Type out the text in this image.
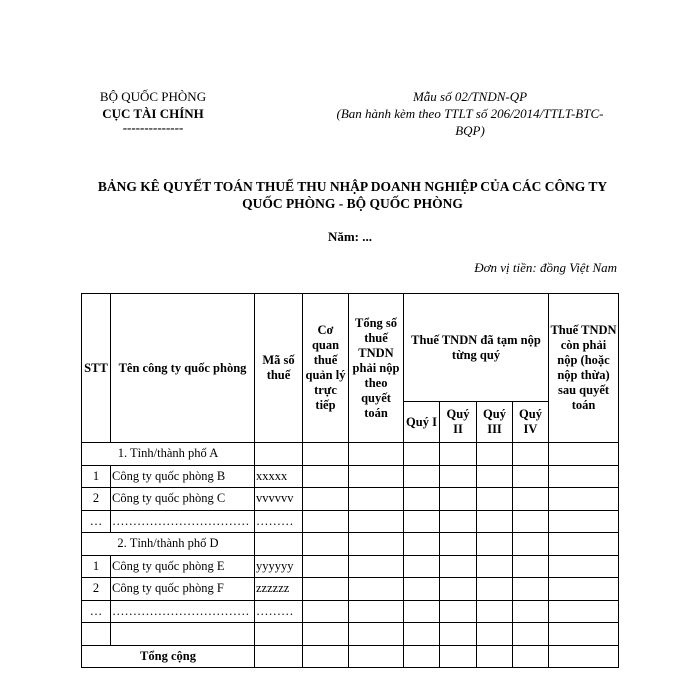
BỘ QUỐC PHÒNG
CỤC TÀI CHÍNH
--------------
Mẫu số 02/TNDN-QP
(Ban hành kèm theo TTLT số 206/2014/TTLT-BTC-BQP)
BẢNG KÊ QUYẾT TOÁN THUẾ THU NHẬP DOANH NGHIỆP CỦA CÁC CÔNG TY
QUỐC PHÒNG - BỘ QUỐC PHÒNG
Năm: ...
Đơn vị tiền: đồng Việt Nam
STT	Tên công ty quốc phòng	Mã số thuế	Cơ quan thuế quản lý trực tiếp	Tổng số thuế TNDN phải nộp theo quyết toán	Thuế TNDN đã tạm nộp từng quý				Thuế TNDN còn phải nộp (hoặc nộp thừa) sau quyết toán
					Quý I	Quý II	Quý III	Quý IV	
1. Tỉnh/thành phố A									
1	Công ty quốc phòng B	xxxxx							
2	Công ty quốc phòng C	vvvvvv							
…	……………………………	………							
2. Tỉnh/thành phố D									
1	Công ty quốc phòng E	yyyyyy							
2	Công ty quốc phòng F	zzzzzz							
…	……………………………	………							

Tổng cộng									
